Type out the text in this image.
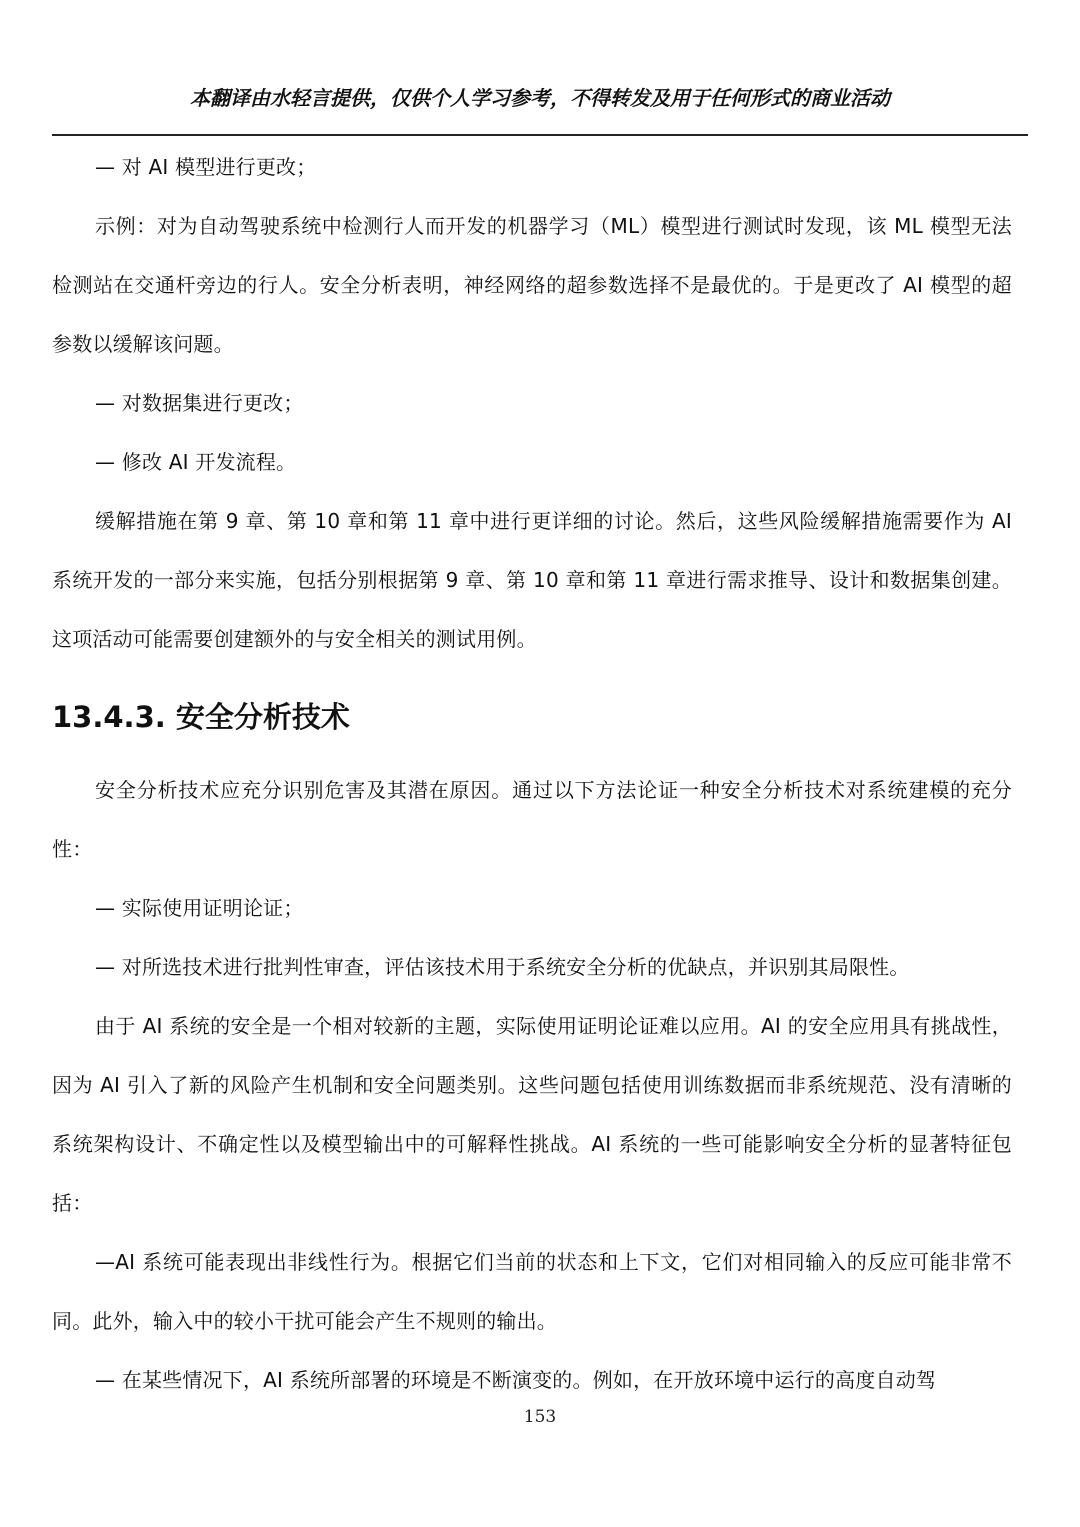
本翻译由水轻言提供，仅供个人学习参考，不得转发及用于任何形式的商业活动

— 对 AI 模型进行更改；

示例：对为自动驾驶系统中检测行人而开发的机器学习（ML）模型进行测试时发现，该 ML 模型无法检测站在交通杆旁边的行人。安全分析表明，神经网络的超参数选择不是最优的。于是更改了 AI 模型的超参数以缓解该问题。

— 对数据集进行更改；

— 修改 AI 开发流程。

缓解措施在第 9 章、第 10 章和第 11 章中进行更详细的讨论。然后，这些风险缓解措施需要作为 AI 系统开发的一部分来实施，包括分别根据第 9 章、第 10 章和第 11 章进行需求推导、设计和数据集创建。这项活动可能需要创建额外的与安全相关的测试用例。

13.4.3. 安全分析技术

安全分析技术应充分识别危害及其潜在原因。通过以下方法论证一种安全分析技术对系统建模的充分性：

— 实际使用证明论证；

— 对所选技术进行批判性审查，评估该技术用于系统安全分析的优缺点，并识别其局限性。

由于 AI 系统的安全是一个相对较新的主题，实际使用证明论证难以应用。AI 的安全应用具有挑战性，因为 AI 引入了新的风险产生机制和安全问题类别。这些问题包括使用训练数据而非系统规范、没有清晰的系统架构设计、不确定性以及模型输出中的可解释性挑战。AI 系统的一些可能影响安全分析的显著特征包括：

—AI 系统可能表现出非线性行为。根据它们当前的状态和上下文，它们对相同输入的反应可能非常不同。此外，输入中的较小干扰可能会产生不规则的输出。

— 在某些情况下，AI 系统所部署的环境是不断演变的。例如，在开放环境中运行的高度自动驾

153
